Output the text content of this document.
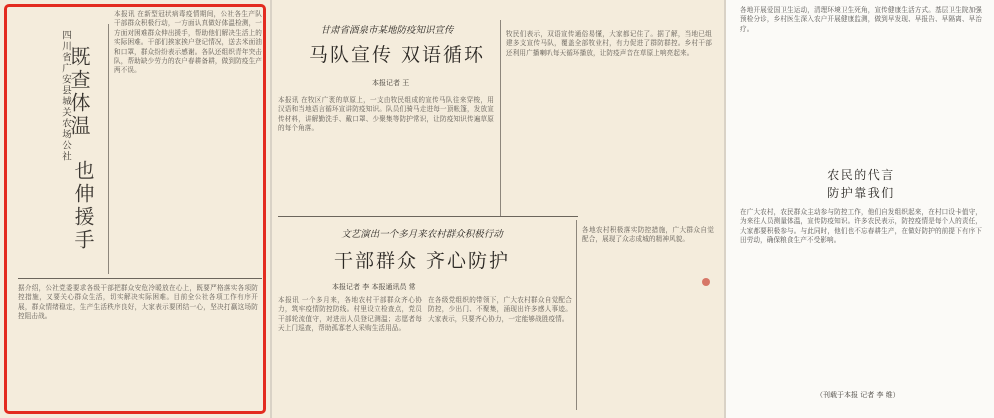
四川省广安县城关农场公社
既查体温
也伸援手
本报讯 在新型冠状病毒疫情期间，公社各生产队干部群众积极行动，一方面认真做好体温检测，一方面对困难群众伸出援手，帮助他们解决生活上的实际困难。干部们挨家挨户登记情况，送去米面油和口罩，群众纷纷表示感谢。各队还组织青年突击队，帮助缺少劳力的农户春耕备耕，做到防疫生产两不误。
据介绍，公社党委要求各级干部把群众安危冷暖放在心上，既要严格落实各项防控措施，又要关心群众生活，切实解决实际困难。目前全公社各项工作有序开展，群众情绪稳定，生产生活秩序良好，大家表示要团结一心，坚决打赢这场防控阻击战。
甘肃省酒泉市某地防疫知识宣传
马队宣传 双语循环
本报记者 王
本报讯 在牧区广袤的草原上，一支由牧民组成的宣传马队往来穿梭，用汉语和当地语言循环宣讲防疫知识。队员们骑马走进每一顶帐篷，发放宣传材料，讲解勤洗手、戴口罩、少聚集等防护常识，让防疫知识传遍草原的每个角落。
牧民们表示，双语宣传通俗易懂，大家都记住了。据了解，当地已组建多支宣传马队，覆盖全部牧业村，有力促进了群防群控。乡村干部还利用广播喇叭每天循环播放，让防疫声音在草原上响亮起来。
文艺演出一个多月来农村群众积极行动
干部群众 齐心防护
本报记者 李 本报通讯员 常
本报讯 一个多月来，各地农村干部群众齐心协力，筑牢疫情防控防线。村里设立检查点，党员干部轮流值守，对进出人员登记测温；志愿者每天上门巡查，帮助孤寡老人采购生活用品。
在各级党组织的带领下，广大农村群众自觉配合防控，少出门、不聚集，涌现出许多感人事迹。大家表示，只要齐心协力，一定能够战胜疫情。
各地农村积极落实防控措施，广大群众自觉配合，展现了众志成城的精神风貌。
各地开展爱国卫生运动，清理环境卫生死角，宣传健康生活方式。基层卫生院加强预检分诊，乡村医生深入农户开展健康监测，做到早发现、早报告、早隔离、早治疗。
农民的代言
防护靠我们
在广大农村，农民群众主动参与防控工作，他们自发组织起来，在村口设卡值守，为来往人员测量体温，宣传防疫知识。许多农民表示，防控疫情是每个人的责任，大家都要积极参与。与此同时，他们也不忘春耕生产，在做好防护的前提下有序下田劳动，确保粮食生产不受影响。
（刊载于本报 记者 李 维）
